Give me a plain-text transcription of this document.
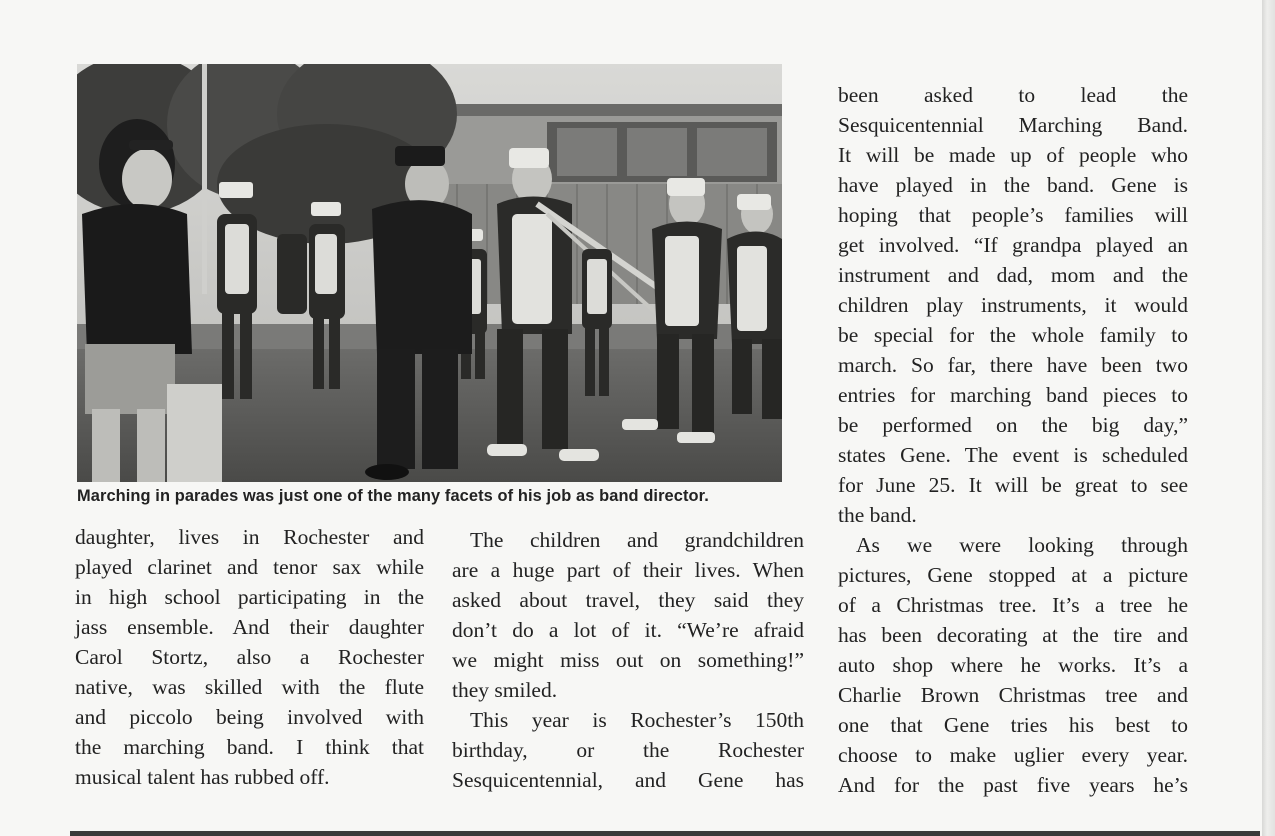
Marching in parades was just one of the many facets of his job as band director.
daughter, lives in Rochester and
played clarinet and tenor sax while
in high school participating in the
jass ensemble. And their daughter
Carol Stortz, also a Rochester
native, was skilled with the flute
and piccolo being involved with
the marching band. I think that
musical talent has rubbed off.
The children and grandchildren
are a huge part of their lives. When
asked about travel, they said they
don’t do a lot of it. “We’re afraid
we might miss out on something!”
they smiled.
This year is Rochester’s 150th
birthday, or the Rochester
Sesquicentennial, and Gene has
been asked to lead the
Sesquicentennial Marching Band.
It will be made up of people who
have played in the band. Gene is
hoping that people’s families will
get involved. “If grandpa played an
instrument and dad, mom and the
children play instruments, it would
be special for the whole family to
march. So far, there have been two
entries for marching band pieces to
be performed on the big day,”
states Gene. The event is scheduled
for June 25. It will be great to see
the band.
As we were looking through
pictures, Gene stopped at a picture
of a Christmas tree. It’s a tree he
has been decorating at the tire and
auto shop where he works. It’s a
Charlie Brown Christmas tree and
one that Gene tries his best to
choose to make uglier every year.
And for the past five years he’s
